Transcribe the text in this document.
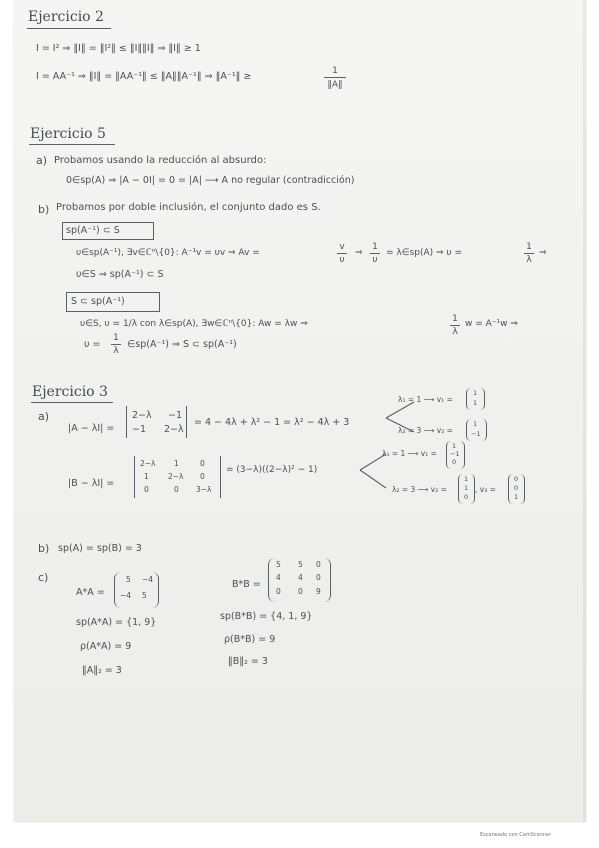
Ejercicio 2
I = I² ⇒ ‖I‖ = ‖I²‖ ≤ ‖I‖‖I‖ ⇒ ‖I‖ ≥ 1
I = AA⁻¹ ⇒ ‖I‖ = ‖AA⁻¹‖ ≤ ‖A‖‖A⁻¹‖ ⇒ ‖A⁻¹‖ ≥	1
‖A‖
Ejercicio 5
a) Probamos usando la reducción al absurdo:
0∈sp(A) ⇒ |A − 0I| = 0 = |A| ⟶ A no regular (contradicción)
b) Probamos por doble inclusión, el conjunto dado es S.
sp(A⁻¹) ⊂ S
υ∈sp(A⁻¹), ∃v∈ℂⁿ\{0}: A⁻¹v = υv ⇒ Av =
v
υ
⇒
1
υ
= λ∈sp(A) ⇒ υ =
1
λ
⇒
υ∈S ⇒ sp(A⁻¹) ⊂ S
S ⊂ sp(A⁻¹)
υ∈S, υ = 1/λ con λ∈sp(A), ∃w∈ℂⁿ\{0}: Aw = λw ⇒	1
λ
w = A⁻¹w ⇒
υ =
1
λ
∈sp(A⁻¹) ⇒ S ⊂ sp(A⁻¹)
Ejercicio 3
a)
|A − λI| =
2−λ −1
−1 2−λ
= 4 − 4λ + λ² − 1 = λ² − 4λ + 3
λ₁ = 1 ⟶ v₁ =
1
1
λ₂ = 3 ⟶ v₂ =
1
−1
|B − λI| =
2−λ 1	0
1	2−λ 0
0	0 3−λ
= (3−λ)((2−λ)² − 1)
λ₁ = 1 ⟶ v₁ =
1
−1
0
λ₂ = 3 ⟶ v₂ =
1
1
0
, v₃ =
0
0
1
b) sp(A) = sp(B) = 3
c)
A*A =
5 −4
−4 5
B*B =
5 5 0
4 4 0
0 0 9
sp(A*A) = {1, 9}
sp(B*B) = {4, 1, 9}
ρ(A*A) = 9
ρ(B*B) = 9
‖A‖₂ = 3
‖B‖₂ = 3
Escaneado con CamScanner
